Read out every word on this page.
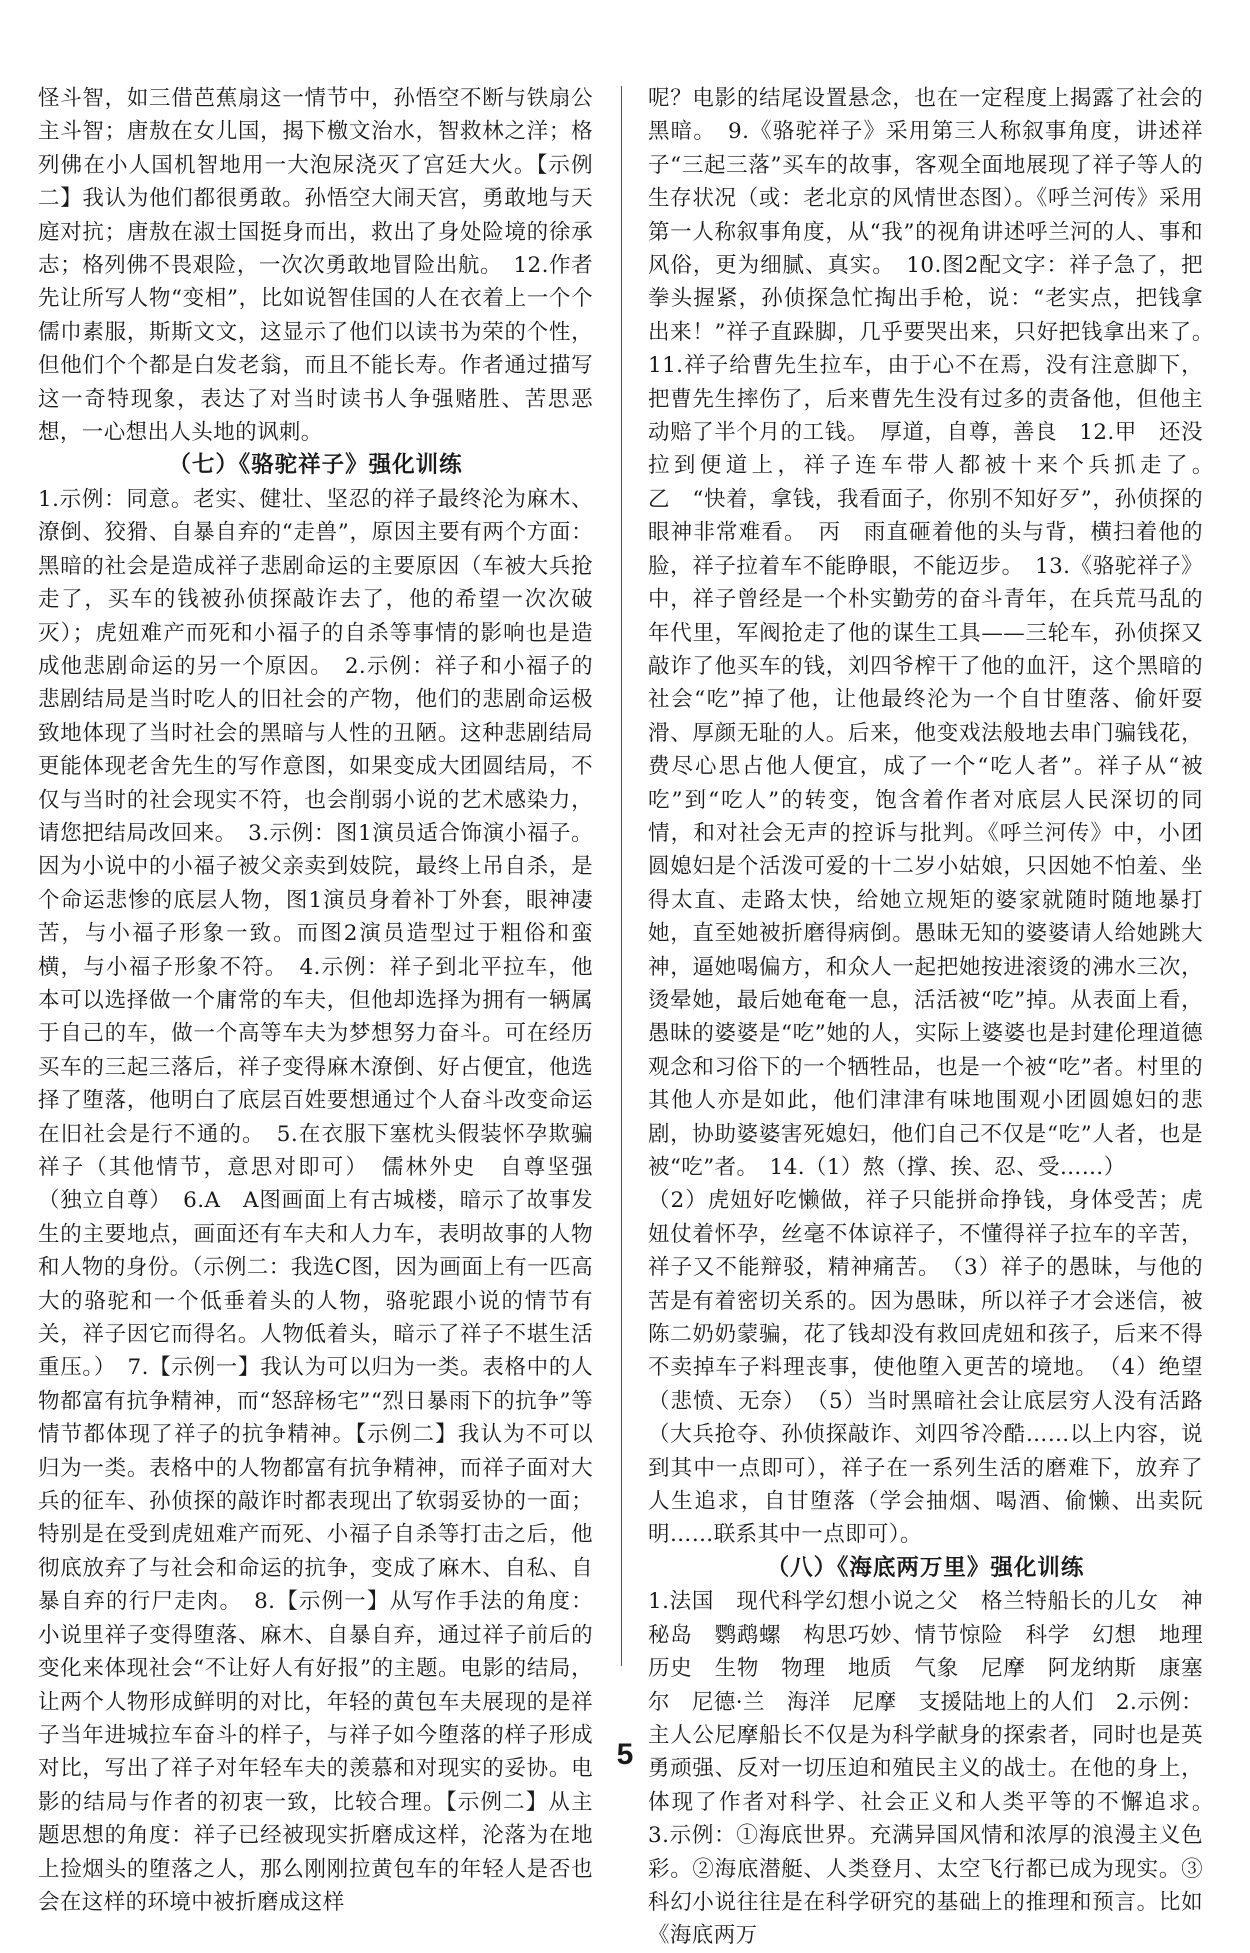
怪斗智，如三借芭蕉扇这一情节中，孙悟空不断与铁扇公主斗智；唐敖在女儿国，揭下檄文治水，智救林之洋；格列佛在小人国机智地用一大泡尿浇灭了宫廷大火。【示例二】我认为他们都很勇敢。孙悟空大闹天宫，勇敢地与天庭对抗；唐敖在淑士国挺身而出，救出了身处险境的徐承志；格列佛不畏艰险，一次次勇敢地冒险出航。　12.作者先让所写人物“变相”，比如说智佳国的人在衣着上一个个儒巾素服，斯斯文文，这显示了他们以读书为荣的个性，但他们个个都是白发老翁，而且不能长寿。作者通过描写这一奇特现象，表达了对当时读书人争强赌胜、苦思恶想，一心想出人头地的讽刺。

（七）《骆驼祥子》强化训练

1.示例：同意。老实、健壮、坚忍的祥子最终沦为麻木、潦倒、狡猾、自暴自弃的“走兽”，原因主要有两个方面：黑暗的社会是造成祥子悲剧命运的主要原因（车被大兵抢走了，买车的钱被孙侦探敲诈去了，他的希望一次次破灭）；虎妞难产而死和小福子的自杀等事情的影响也是造成他悲剧命运的另一个原因。　2.示例：祥子和小福子的悲剧结局是当时吃人的旧社会的产物，他们的悲剧命运极致地体现了当时社会的黑暗与人性的丑陋。这种悲剧结局更能体现老舍先生的写作意图，如果变成大团圆结局，不仅与当时的社会现实不符，也会削弱小说的艺术感染力，请您把结局改回来。　3.示例：图1演员适合饰演小福子。因为小说中的小福子被父亲卖到妓院，最终上吊自杀，是个命运悲惨的底层人物，图1演员身着补丁外套，眼神凄苦，与小福子形象一致。而图2演员造型过于粗俗和蛮横，与小福子形象不符。　4.示例：祥子到北平拉车，他本可以选择做一个庸常的车夫，但他却选择为拥有一辆属于自己的车，做一个高等车夫为梦想努力奋斗。可在经历买车的三起三落后，祥子变得麻木潦倒、好占便宜，他选择了堕落，他明白了底层百姓要想通过个人奋斗改变命运在旧社会是行不通的。　5.在衣服下塞枕头假装怀孕欺骗祥子（其他情节，意思对即可）　儒林外史　自尊坚强（独立自尊）　6.A　A图画面上有古城楼，暗示了故事发生的主要地点，画面还有车夫和人力车，表明故事的人物和人物的身份。（示例二：我选C图，因为画面上有一匹高大的骆驼和一个低垂着头的人物，骆驼跟小说的情节有关，祥子因它而得名。人物低着头，暗示了祥子不堪生活重压。）　7.【示例一】我认为可以归为一类。表格中的人物都富有抗争精神，而“怒辞杨宅”“烈日暴雨下的抗争”等情节都体现了祥子的抗争精神。【示例二】我认为不可以归为一类。表格中的人物都富有抗争精神，而祥子面对大兵的征车、孙侦探的敲诈时都表现出了软弱妥协的一面；特别是在受到虎妞难产而死、小福子自杀等打击之后，他彻底放弃了与社会和命运的抗争，变成了麻木、自私、自暴自弃的行尸走肉。　8.【示例一】从写作手法的角度：小说里祥子变得堕落、麻木、自暴自弃，通过祥子前后的变化来体现社会“不让好人有好报”的主题。电影的结局，让两个人物形成鲜明的对比，年轻的黄包车夫展现的是祥子当年进城拉车奋斗的样子，与祥子如今堕落的样子形成对比，写出了祥子对年轻车夫的羡慕和对现实的妥协。电影的结局与作者的初衷一致，比较合理。【示例二】从主题思想的角度：祥子已经被现实折磨成这样，沦落为在地上捡烟头的堕落之人，那么刚刚拉黄包车的年轻人是否也会在这样的环境中被折磨成这样

呢？电影的结尾设置悬念，也在一定程度上揭露了社会的黑暗。　9.《骆驼祥子》采用第三人称叙事角度，讲述祥子“三起三落”买车的故事，客观全面地展现了祥子等人的生存状况（或：老北京的风情世态图）。《呼兰河传》采用第一人称叙事角度，从“我”的视角讲述呼兰河的人、事和风俗，更为细腻、真实。　10.图2配文字：祥子急了，把拳头握紧，孙侦探急忙掏出手枪，说：“老实点，把钱拿出来！”祥子直跺脚，几乎要哭出来，只好把钱拿出来了。　11.祥子给曹先生拉车，由于心不在焉，没有注意脚下，把曹先生摔伤了，后来曹先生没有过多的责备他，但他主动赔了半个月的工钱。　厚道，自尊，善良　12.甲　还没拉到便道上，祥子连车带人都被十来个兵抓走了。　乙　“快着，拿钱，我看面子，你别不知好歹”，孙侦探的眼神非常难看。　丙　雨直砸着他的头与背，横扫着他的脸，祥子拉着车不能睁眼，不能迈步。　13.《骆驼祥子》中，祥子曾经是一个朴实勤劳的奋斗青年，在兵荒马乱的年代里，军阀抢走了他的谋生工具——三轮车，孙侦探又敲诈了他买车的钱，刘四爷榨干了他的血汗，这个黑暗的社会“吃”掉了他，让他最终沦为一个自甘堕落、偷奸耍滑、厚颜无耻的人。后来，他变戏法般地去串门骗钱花，费尽心思占他人便宜，成了一个“吃人者”。祥子从“被吃”到“吃人”的转变，饱含着作者对底层人民深切的同情，和对社会无声的控诉与批判。《呼兰河传》中，小团圆媳妇是个活泼可爱的十二岁小姑娘，只因她不怕羞、坐得太直、走路太快，给她立规矩的婆家就随时随地暴打她，直至她被折磨得病倒。愚昧无知的婆婆请人给她跳大神，逼她喝偏方，和众人一起把她按进滚烫的沸水三次，烫晕她，最后她奄奄一息，活活被“吃”掉。从表面上看，愚昧的婆婆是“吃”她的人，实际上婆婆也是封建伦理道德观念和习俗下的一个牺牲品，也是一个被“吃”者。村里的其他人亦是如此，他们津津有味地围观小团圆媳妇的悲剧，协助婆婆害死媳妇，他们自己不仅是“吃”人者，也是被“吃”者。　14.（1）熬（撑、挨、忍、受……）

（2）虎妞好吃懒做，祥子只能拼命挣钱，身体受苦；虎妞仗着怀孕，丝毫不体谅祥子，不懂得祥子拉车的辛苦，祥子又不能辩驳，精神痛苦。　（3）祥子的愚昧，与他的苦是有着密切关系的。因为愚昧，所以祥子才会迷信，被陈二奶奶蒙骗，花了钱却没有救回虎妞和孩子，后来不得不卖掉车子料理丧事，使他堕入更苦的境地。　（4）绝望（悲愤、无奈）　（5）当时黑暗社会让底层穷人没有活路（大兵抢夺、孙侦探敲诈、刘四爷冷酷……以上内容，说到其中一点即可），祥子在一系列生活的磨难下，放弃了人生追求，自甘堕落（学会抽烟、喝酒、偷懒、出卖阮明……联系其中一点即可）。

（八）《海底两万里》强化训练

1.法国　现代科学幻想小说之父　格兰特船长的儿女　神秘岛　鹦鹉螺　构思巧妙、情节惊险　科学　幻想　地理　历史　生物　物理　地质　气象　尼摩　阿龙纳斯　康塞尔　尼德·兰　海洋　尼摩　支援陆地上的人们　2.示例：主人公尼摩船长不仅是为科学献身的探索者，同时也是英勇顽强、反对一切压迫和殖民主义的战士。在他的身上，体现了作者对科学、社会正义和人类平等的不懈追求。　3.示例：①海底世界。充满异国风情和浓厚的浪漫主义色彩。②海底潜艇、人类登月、太空飞行都已成为现实。③科幻小说往往是在科学研究的基础上的推理和预言。比如《海底两万

5
